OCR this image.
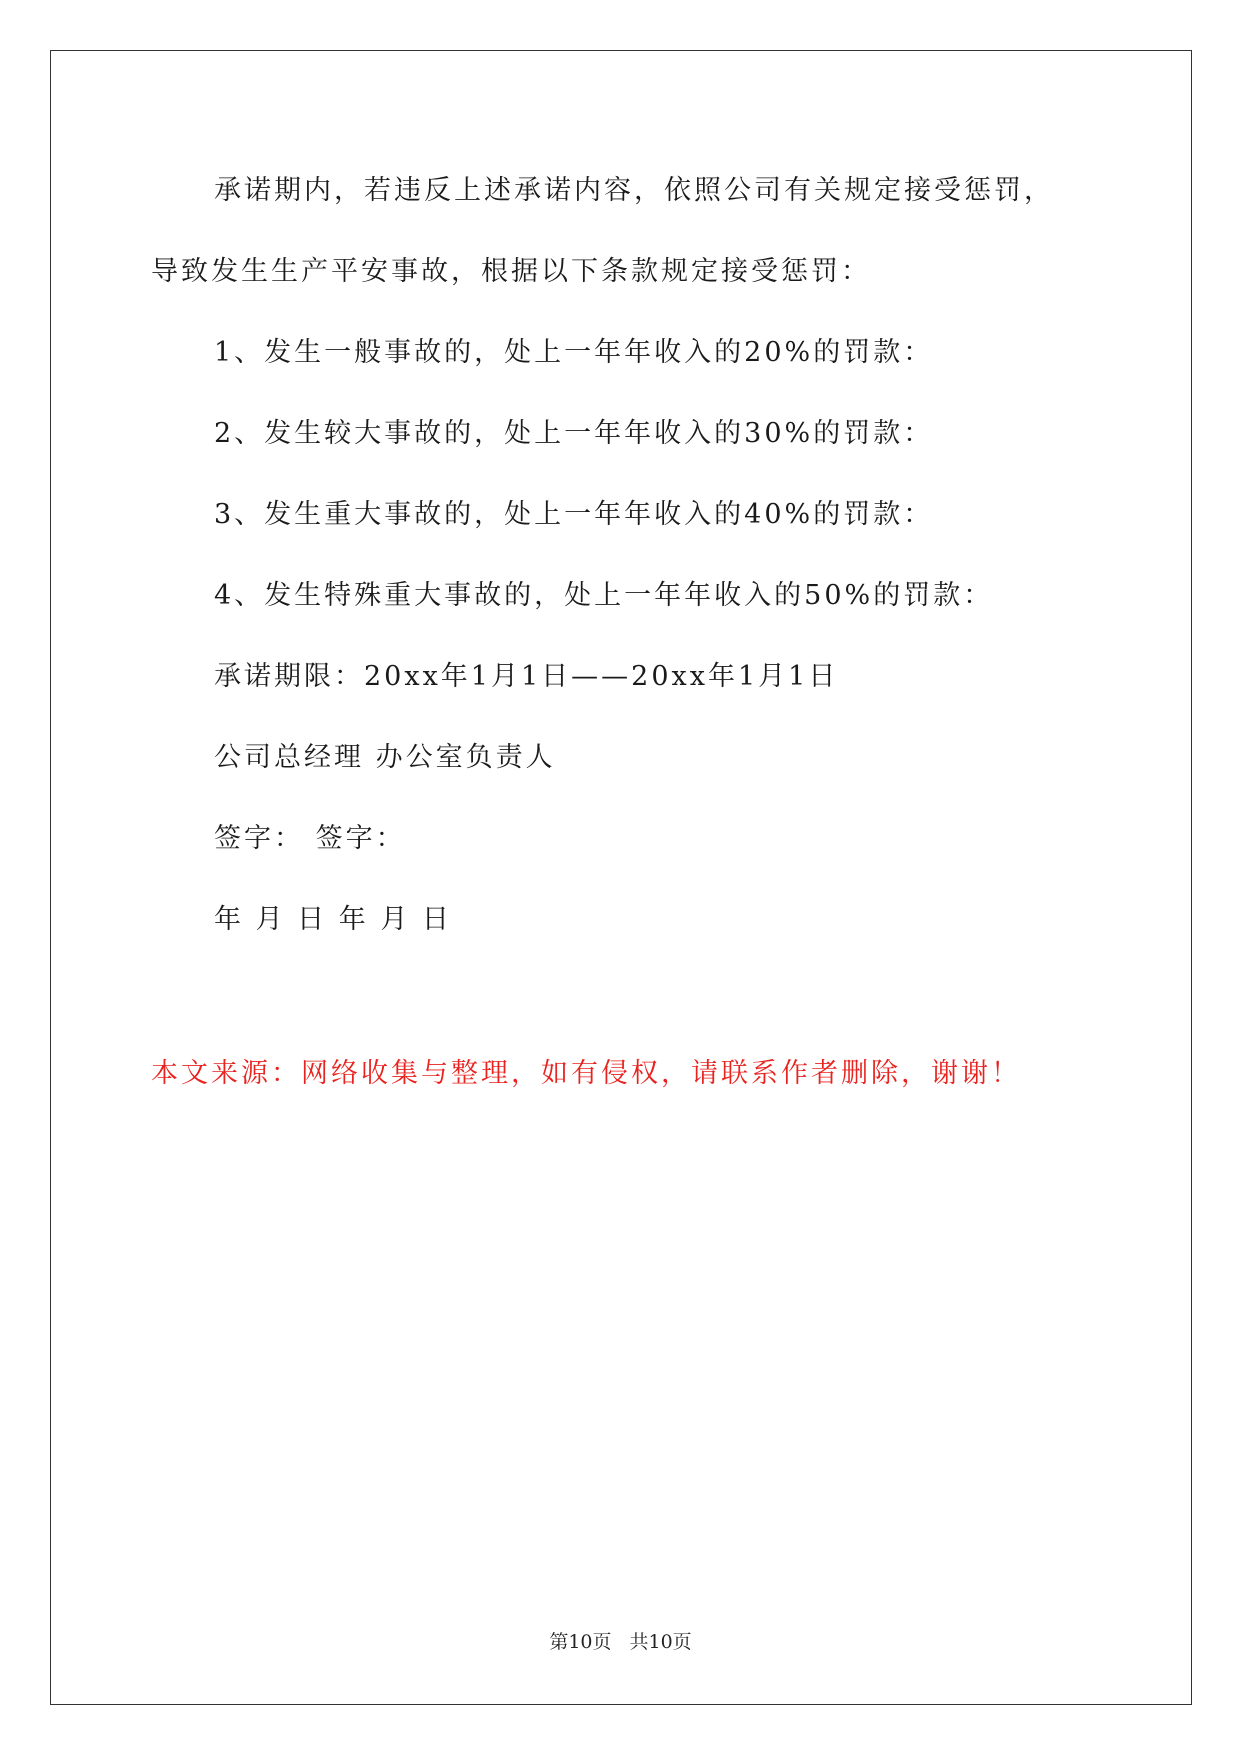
承诺期内，若违反上述承诺内容，依照公司有关规定接受惩罚，
导致发生生产平安事故，根据以下条款规定接受惩罚：
1、发生一般事故的，处上一年年收入的20%的罚款：
2、发生较大事故的，处上一年年收入的30%的罚款：
3、发生重大事故的，处上一年年收入的40%的罚款：
4、发生特殊重大事故的，处上一年年收入的50%的罚款：
承诺期限：20xx年1月1日——20xx年1月1日
公司总经理 办公室负责人
签字： 签字：
年 月 日 年 月 日
本文来源：网络收集与整理，如有侵权，请联系作者删除，谢谢！
第10页 共10页
